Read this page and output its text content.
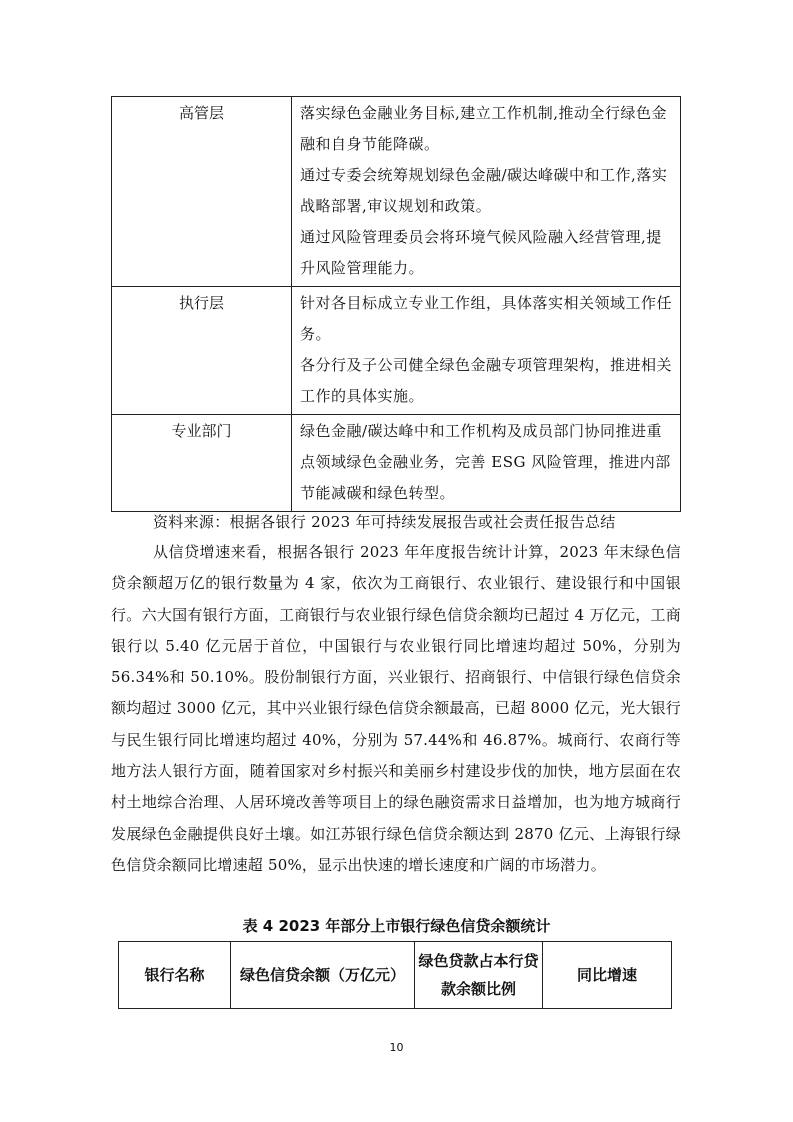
高管层	落实绿色金融业务目标,建立工作机制,推动全行绿色金融和自身节能降碳。

通过专委会统筹规划绿色金融/碳达峰碳中和工作,落实战略部署,审议规划和政策。

通过风险管理委员会将环境气候风险融入经营管理,提升风险管理能力。

执行层	针对各目标成立专业工作组，具体落实相关领域工作任务。

各分行及子公司健全绿色金融专项管理架构，推进相关工作的具体实施。

专业部门	绿色金融/碳达峰中和工作机构及成员部门协同推进重点领域绿色金融业务，完善 ESG 风险管理，推进内部节能减碳和绿色转型。

资料来源：根据各银行 2023 年可持续发展报告或社会责任报告总结

从信贷增速来看，根据各银行 2023 年年度报告统计计算，2023 年末绿色信贷余额超万亿的银行数量为 4 家，依次为工商银行、农业银行、建设银行和中国银行。六大国有银行方面，工商银行与农业银行绿色信贷余额均已超过 4 万亿元，工商银行以 5.40 亿元居于首位，中国银行与农业银行同比增速均超过 50%，分别为 56.34%和 50.10%。股份制银行方面，兴业银行、招商银行、中信银行绿色信贷余额均超过 3000 亿元，其中兴业银行绿色信贷余额最高，已超 8000 亿元，光大银行与民生银行同比增速均超过 40%，分别为 57.44%和 46.87%。城商行、农商行等地方法人银行方面，随着国家对乡村振兴和美丽乡村建设步伐的加快，地方层面在农村土地综合治理、人居环境改善等项目上的绿色融资需求日益增加，也为地方城商行发展绿色金融提供良好土壤。如江苏银行绿色信贷余额达到 2870 亿元、上海银行绿色信贷余额同比增速超 50%，显示出快速的增长速度和广阔的市场潜力。

表 4 2023 年部分上市银行绿色信贷余额统计
银行名称	绿色信贷余额（万亿元）	绿色贷款占本行贷款余额比例	同比增速
10
